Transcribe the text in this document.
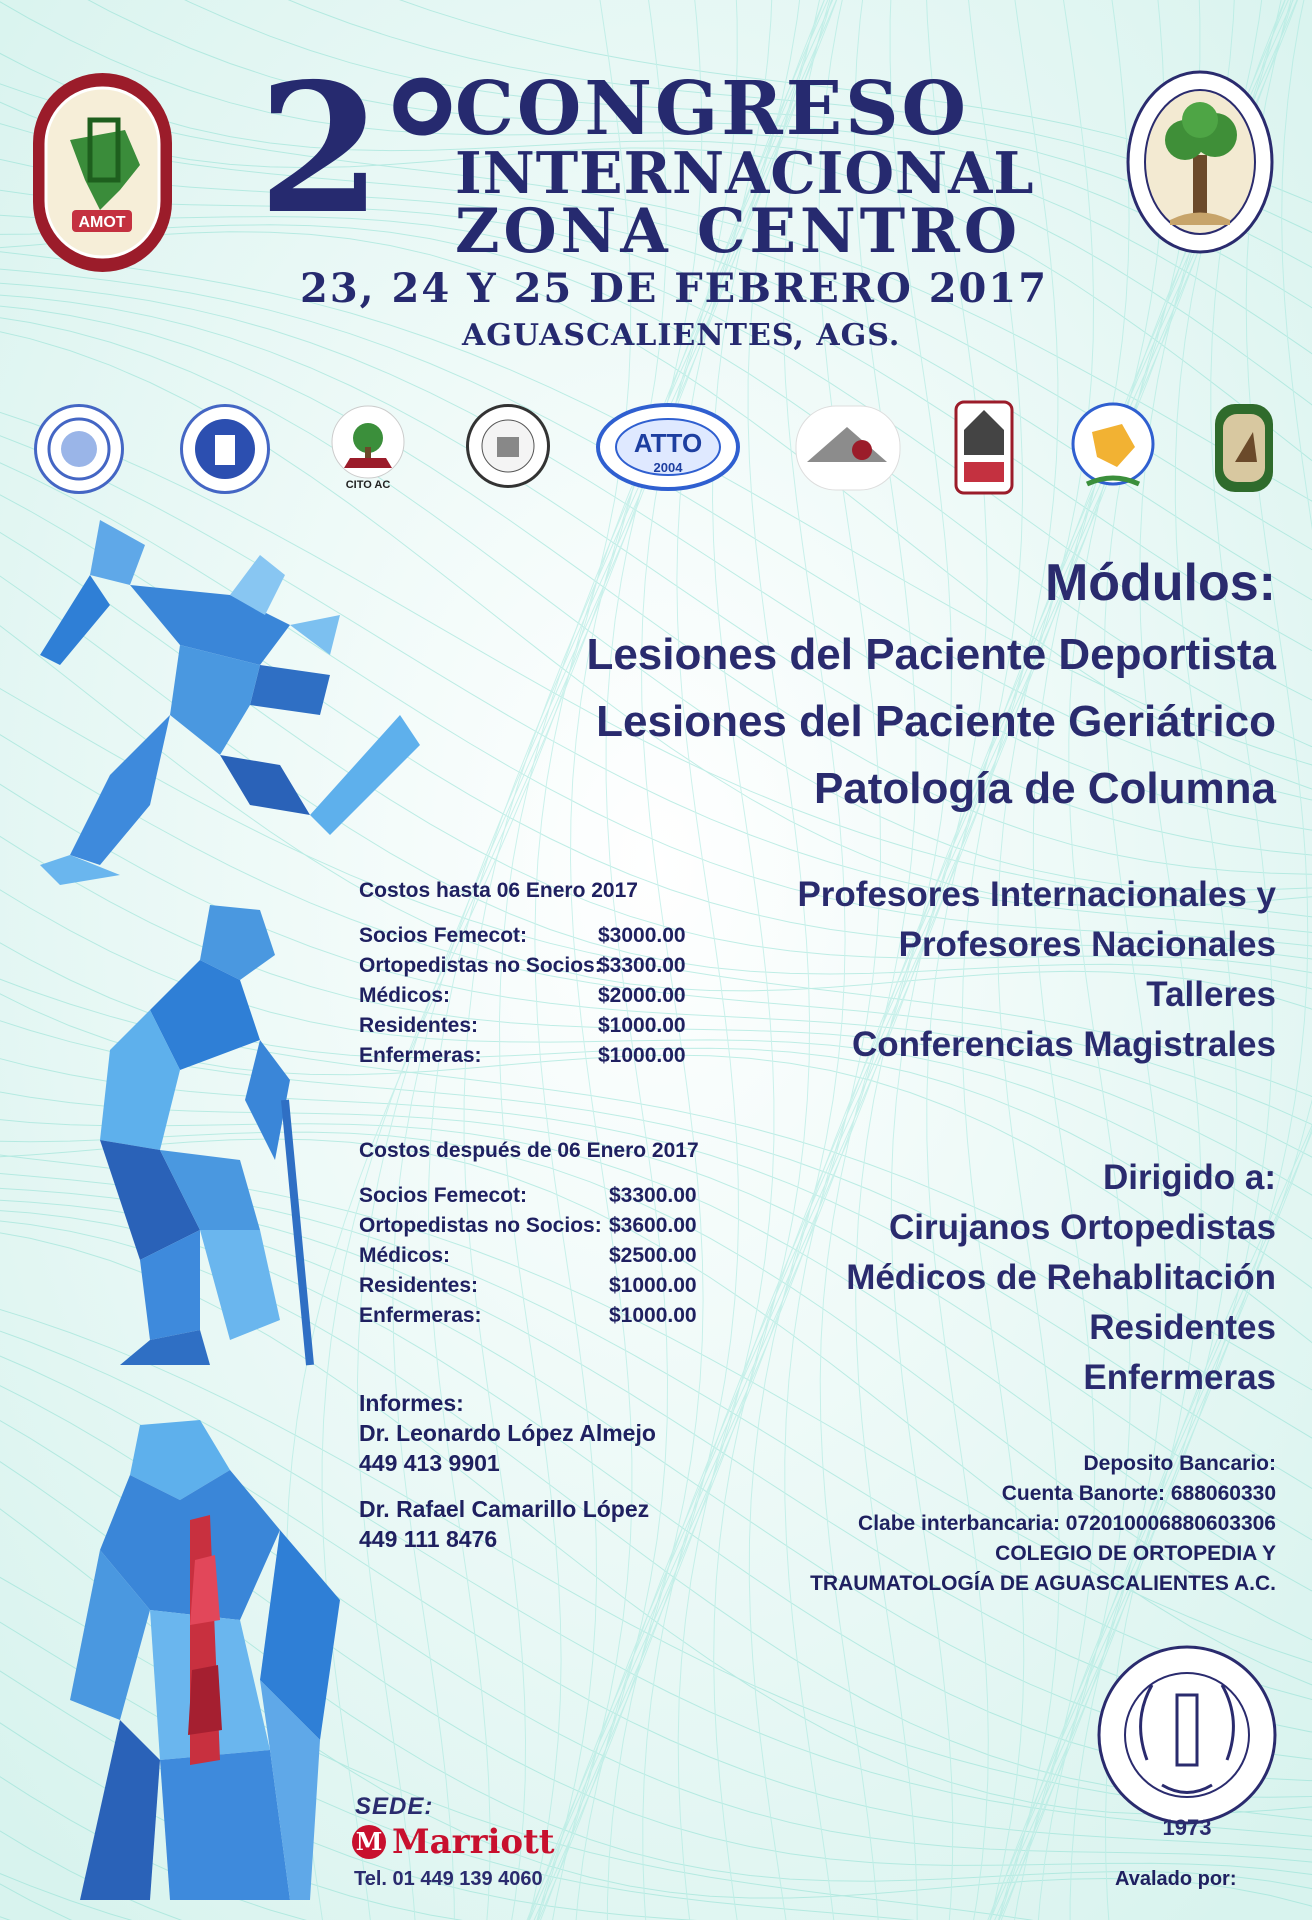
AMOT 2°
CONGRESO
INTERNACIONAL
ZONA CENTRO
23, 24 Y 25 DE FEBRERO 2017
AGUASCALIENTES, AGS.
CITO AC
ATTO
2004
Módulos:
Lesiones del Paciente Deportista
Lesiones del Paciente Geriátrico
Patología de Columna
Profesores Internacionales y
Profesores Nacionales
Talleres
Conferencias Magistrales
Dirigido a:
Cirujanos Ortopedistas
Médicos de Rehablitación
Residentes
Enfermeras
Costos hasta 06 Enero 2017
Socios Femecot:	$3000.00
Ortopedistas no Socios:
$3300.00
Médicos:	$2000.00
Residentes:	$1000.00
Enfermeras:	$1000.00
Costos después de 06 Enero 2017
Socios Femecot:	$3300.00
Ortopedistas no Socios: $3600.00
Médicos:	$2500.00
Residentes:	$1000.00
Enfermeras:	$1000.00
Informes:
Dr. Leonardo López Almejo
449 413 9901
Dr. Rafael Camarillo López
449 111 8476
Deposito Bancario:
Cuenta Banorte: 688060330
Clabe interbancaria: 072010006880603306
COLEGIO DE ORTOPEDIA Y
TRAUMATOLOGÍA DE AGUASCALIENTES A.C.
1973
SEDE:
M Marriott
Tel. 01 449 139 4060	Avalado por:
